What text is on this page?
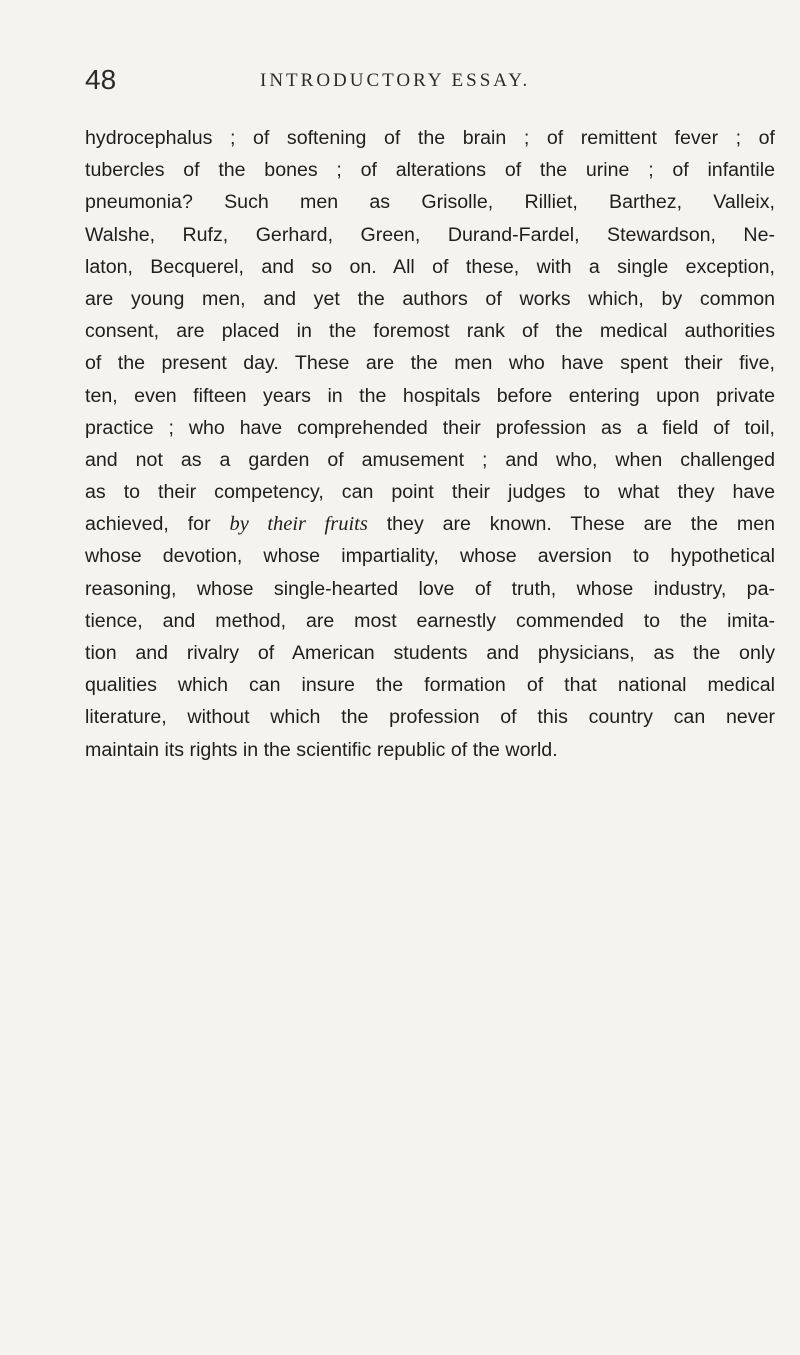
48	INTRODUCTORY ESSAY.
hydrocephalus ; of softening of the brain ; of remittent fever ; of
tubercles of the bones ; of alterations of the urine ; of infantile
pneumonia? Such men as Grisolle, Rilliet, Barthez, Valleix,
Walshe, Rufz, Gerhard, Green, Durand-Fardel, Stewardson, Ne-
laton, Becquerel, and so on. All of these, with a single exception,
are young men, and yet the authors of works which, by common
consent, are placed in the foremost rank of the medical authorities
of the present day. These are the men who have spent their five,
ten, even fifteen years in the hospitals before entering upon private
practice ; who have comprehended their profession as a field of toil,
and not as a garden of amusement ; and who, when challenged
as to their competency, can point their judges to what they have
achieved, for by their fruits they are known. These are the men
whose devotion, whose impartiality, whose aversion to hypothetical
reasoning, whose single-hearted love of truth, whose industry, pa-
tience, and method, are most earnestly commended to the imita-
tion and rivalry of American students and physicians, as the only
qualities which can insure the formation of that national medical
literature, without which the profession of this country can never
maintain its rights in the scientific republic of the world.
